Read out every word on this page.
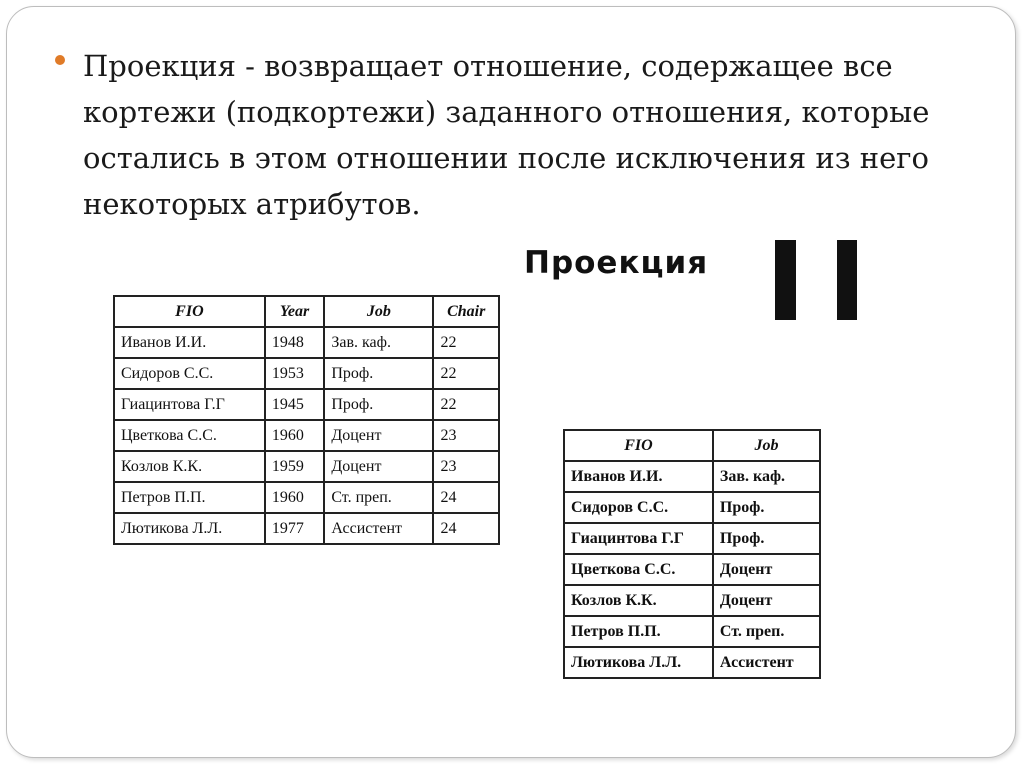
Проекция - возвращает отношение, содержащее все кортежи (подкортежи) заданного отношения, которые остались в этом отношении после исключения из него некоторых атрибутов.
Проекция
FIO	Year	Job	Chair
Иванов И.И.	1948	Зав. каф.	22
Сидоров С.С.	1953	Проф.	22
Гиацинтова Г.Г	1945	Проф.	22
Цветкова С.С.	1960	Доцент	23
Козлов К.К.	1959	Доцент	23
Петров П.П.	1960	Ст. преп.	24
Лютикова Л.Л.	1977	Ассистент	24
FIO	Job
Иванов И.И.	Зав. каф.
Сидоров С.С.	Проф.
Гиацинтова Г.Г	Проф.
Цветкова С.С.	Доцент
Козлов К.К.	Доцент
Петров П.П.	Ст. преп.
Лютикова Л.Л.	Ассистент
